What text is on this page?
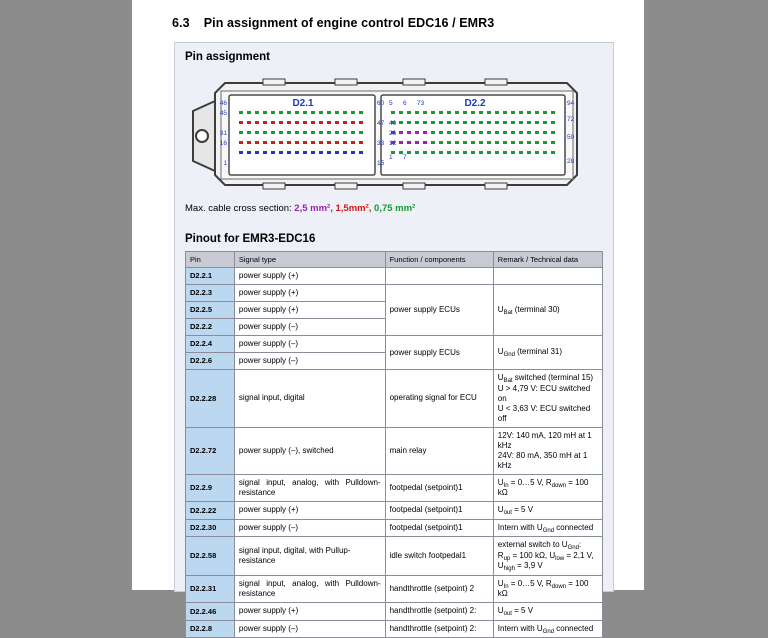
6.3 Pin assignment of engine control EDC16 / EMR3
Pin assignment
D2.1	D2.2
46
45
31
16
1
60
47
33
15
5 6 73
40
26
12
1 7
94
72
50
28
Max. cable cross section: 2,5 mm², 1,5mm², 0,75 mm²
Pinout for EMR3-EDC16
Pin	Signal type	Function / components	Remark / Technical data
D2.2.1	power supply (+)		
D2.2.3	power supply (+)	power supply ECUs	$U_{Bat}$ (terminal 30)
D2.2.5	power supply (+)		
D2.2.2	power supply (–)		
D2.2.4	power supply (–)	power supply ECUs	$U_{Gnd}$ (terminal 31)
D2.2.6	power supply (–)		
D2.2.28	signal input, digital	operating signal for ECU	$U_{Bat}$ switched (terminal 15)
U > 4,79 V: ECU switched on
U < 3,63 V: ECU switched off
D2.2.72	power supply (–), switched	main relay	12V: 140 mA, 120 mH at 1 kHz
24V: 80 mA, 350 mH at 1 kHz
D2.2.9	signal input, analog, with Pulldown-resistance	footpedal (setpoint)1	$U_{In}$ = 0…5 V, $R_{down} = 100$ kΩ
D2.2.22	power supply (+)	footpedal (setpoint)1	$U_{out} = 5$ V
D2.2.30	power supply (–)	footpedal (setpoint)1	Intern with $U_{Gnd}$ connected
D2.2.58	signal input, digital, with Pullup-resistance	idle switch footpedal1	external switch to $U_{Gnd}$:
$R_{up} = 100$ kΩ, $U_{low} = 2,1$ V,
$U_{high} = 3,9$ V
D2.2.31	signal input, analog, with Pulldown-resistance	handthrottle (setpoint) 2	$U_{In}$ = 0…5 V, $R_{down} = 100$ kΩ
D2.2.46	power supply (+)	handthrottle (setpoint) 2:	$U_{out} = 5$ V
D2.2.8	power supply (–)	handthrottle (setpoint) 2:	Intern with $U_{Gnd}$ connected
